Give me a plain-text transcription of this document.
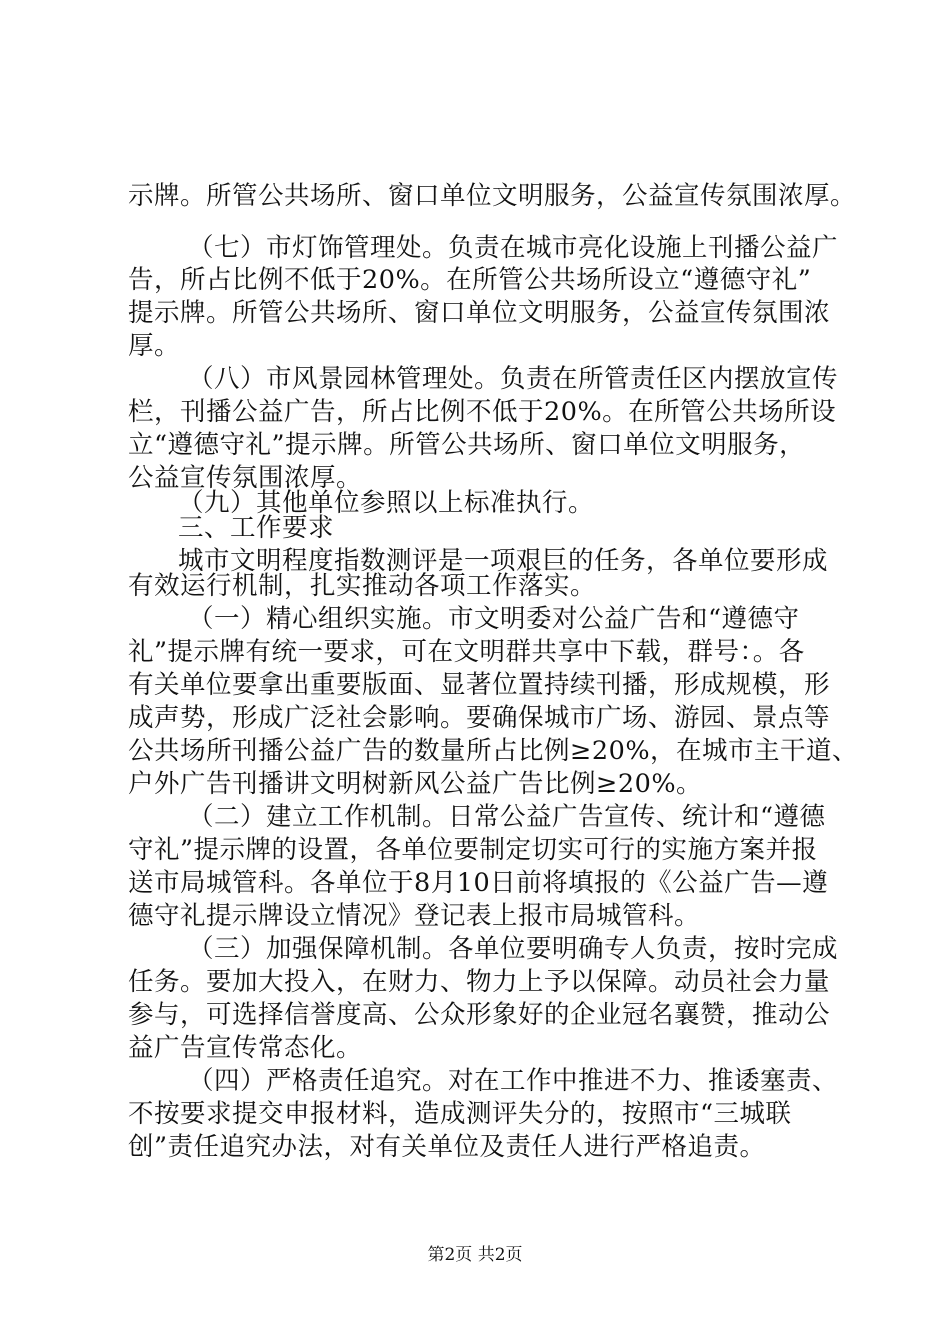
示牌。所管公共场所、窗口单位文明服务，公益宣传氛围浓厚。
（七）市灯饰管理处。负责在城市亮化设施上刊播公益广
告，所占比例不低于20%。在所管公共场所设立“遵德守礼”
提示牌。所管公共场所、窗口单位文明服务，公益宣传氛围浓
厚。
（八）市风景园林管理处。负责在所管责任区内摆放宣传
栏，刊播公益广告，所占比例不低于20%。在所管公共场所设
立“遵德守礼”提示牌。所管公共场所、窗口单位文明服务，
公益宣传氛围浓厚。
（九）其他单位参照以上标准执行。
三、工作要求
城市文明程度指数测评是一项艰巨的任务，各单位要形成
有效运行机制，扎实推动各项工作落实。
（一）精心组织实施。市文明委对公益广告和“遵德守
礼”提示牌有统一要求，可在文明群共享中下载，群号：。各
有关单位要拿出重要版面、显著位置持续刊播，形成规模，形
成声势，形成广泛社会影响。要确保城市广场、游园、景点等
公共场所刊播公益广告的数量所占比例≥20%，在城市主干道、
户外广告刊播讲文明树新风公益广告比例≥20%。
（二）建立工作机制。日常公益广告宣传、统计和“遵德
守礼”提示牌的设置，各单位要制定切实可行的实施方案并报
送市局城管科。各单位于8月10日前将填报的《公益广告—遵
德守礼提示牌设立情况》登记表上报市局城管科。
（三）加强保障机制。各单位要明确专人负责，按时完成
任务。要加大投入，在财力、物力上予以保障。动员社会力量
参与，可选择信誉度高、公众形象好的企业冠名襄赞，推动公
益广告宣传常态化。
（四）严格责任追究。对在工作中推进不力、推诿塞责、
不按要求提交申报材料，造成测评失分的，按照市“三城联
创”责任追究办法，对有关单位及责任人进行严格追责。
第2页 共2页
